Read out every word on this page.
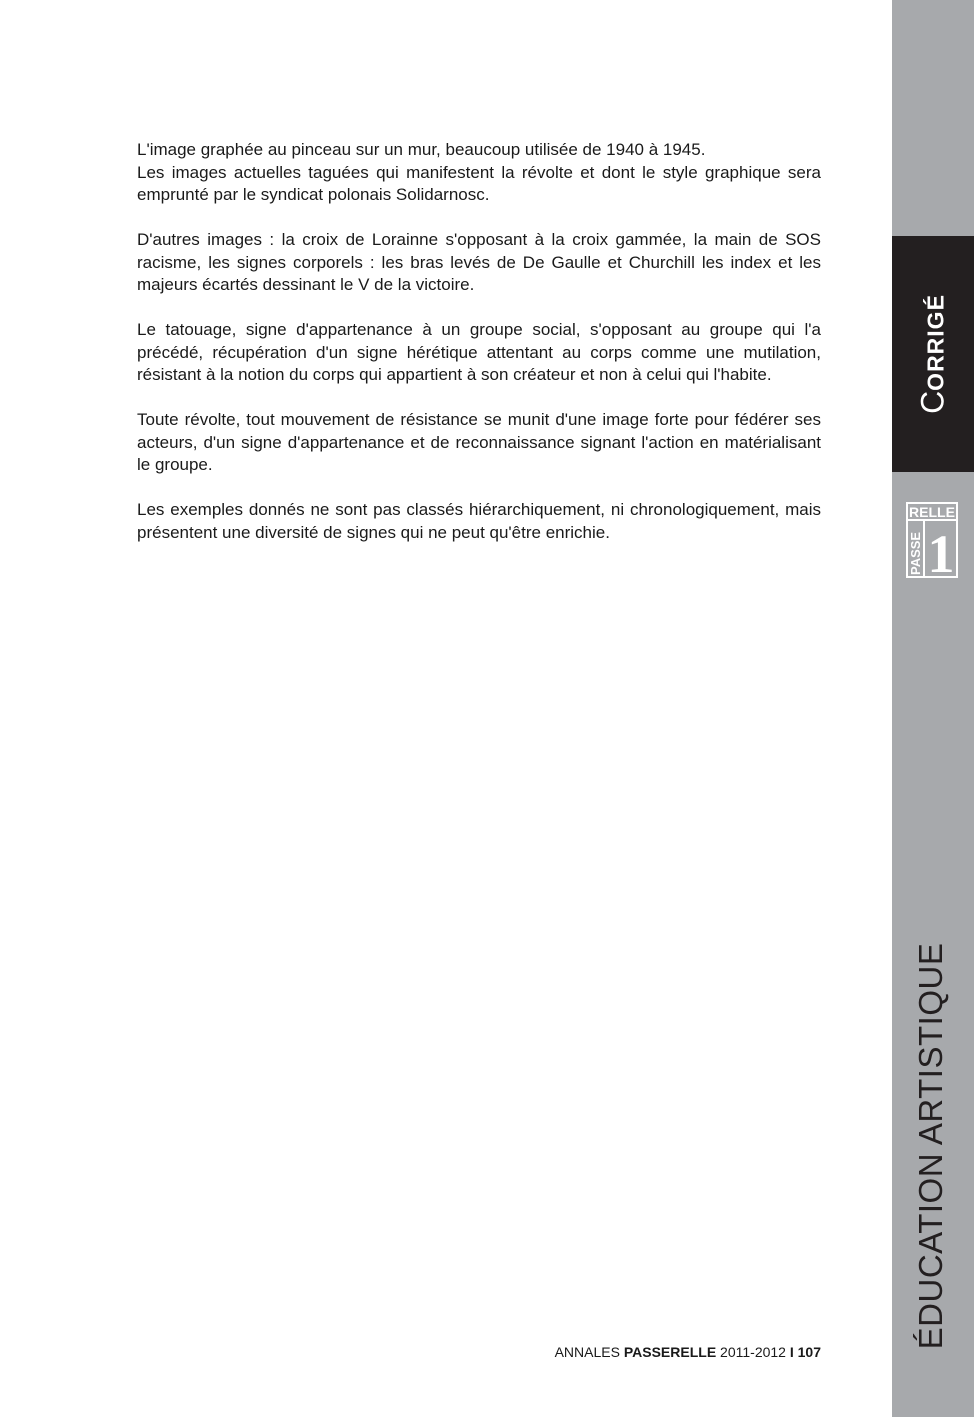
L'image graphée au pinceau sur un mur, beaucoup utilisée de 1940 à 1945.
Les images actuelles taguées qui manifestent la révolte et dont le style graphique sera emprunté par le syndicat polonais Solidarnosc.

D'autres images : la croix de Lorainne s'opposant à la croix gammée, la main de SOS racisme, les signes corporels : les bras levés de De Gaulle et Churchill les index et les majeurs écartés dessinant le V de la victoire.

Le tatouage, signe d'appartenance à un groupe social, s'opposant au groupe qui l'a précédé, récupération d'un signe hérétique attentant au corps comme une mutilation, résistant à la notion du corps qui appartient à son créateur et non à celui qui l'habite.

Toute révolte, tout mouvement de résistance se munit d'une image forte pour fédérer ses acteurs, d'un signe d'appartenance et de reconnaissance signant l'action en matérialisant le groupe.

Les exemples donnés ne sont pas classés hiérarchiquement, ni chronologiquement, mais présentent une diversité de signes qui ne peut qu'être enrichie.

ANNALES PASSERELLE 2011-2012 I 107
CORRIGÉ
RELLE
PASSE 1
ÉDUCATION ARTISTIQUE
